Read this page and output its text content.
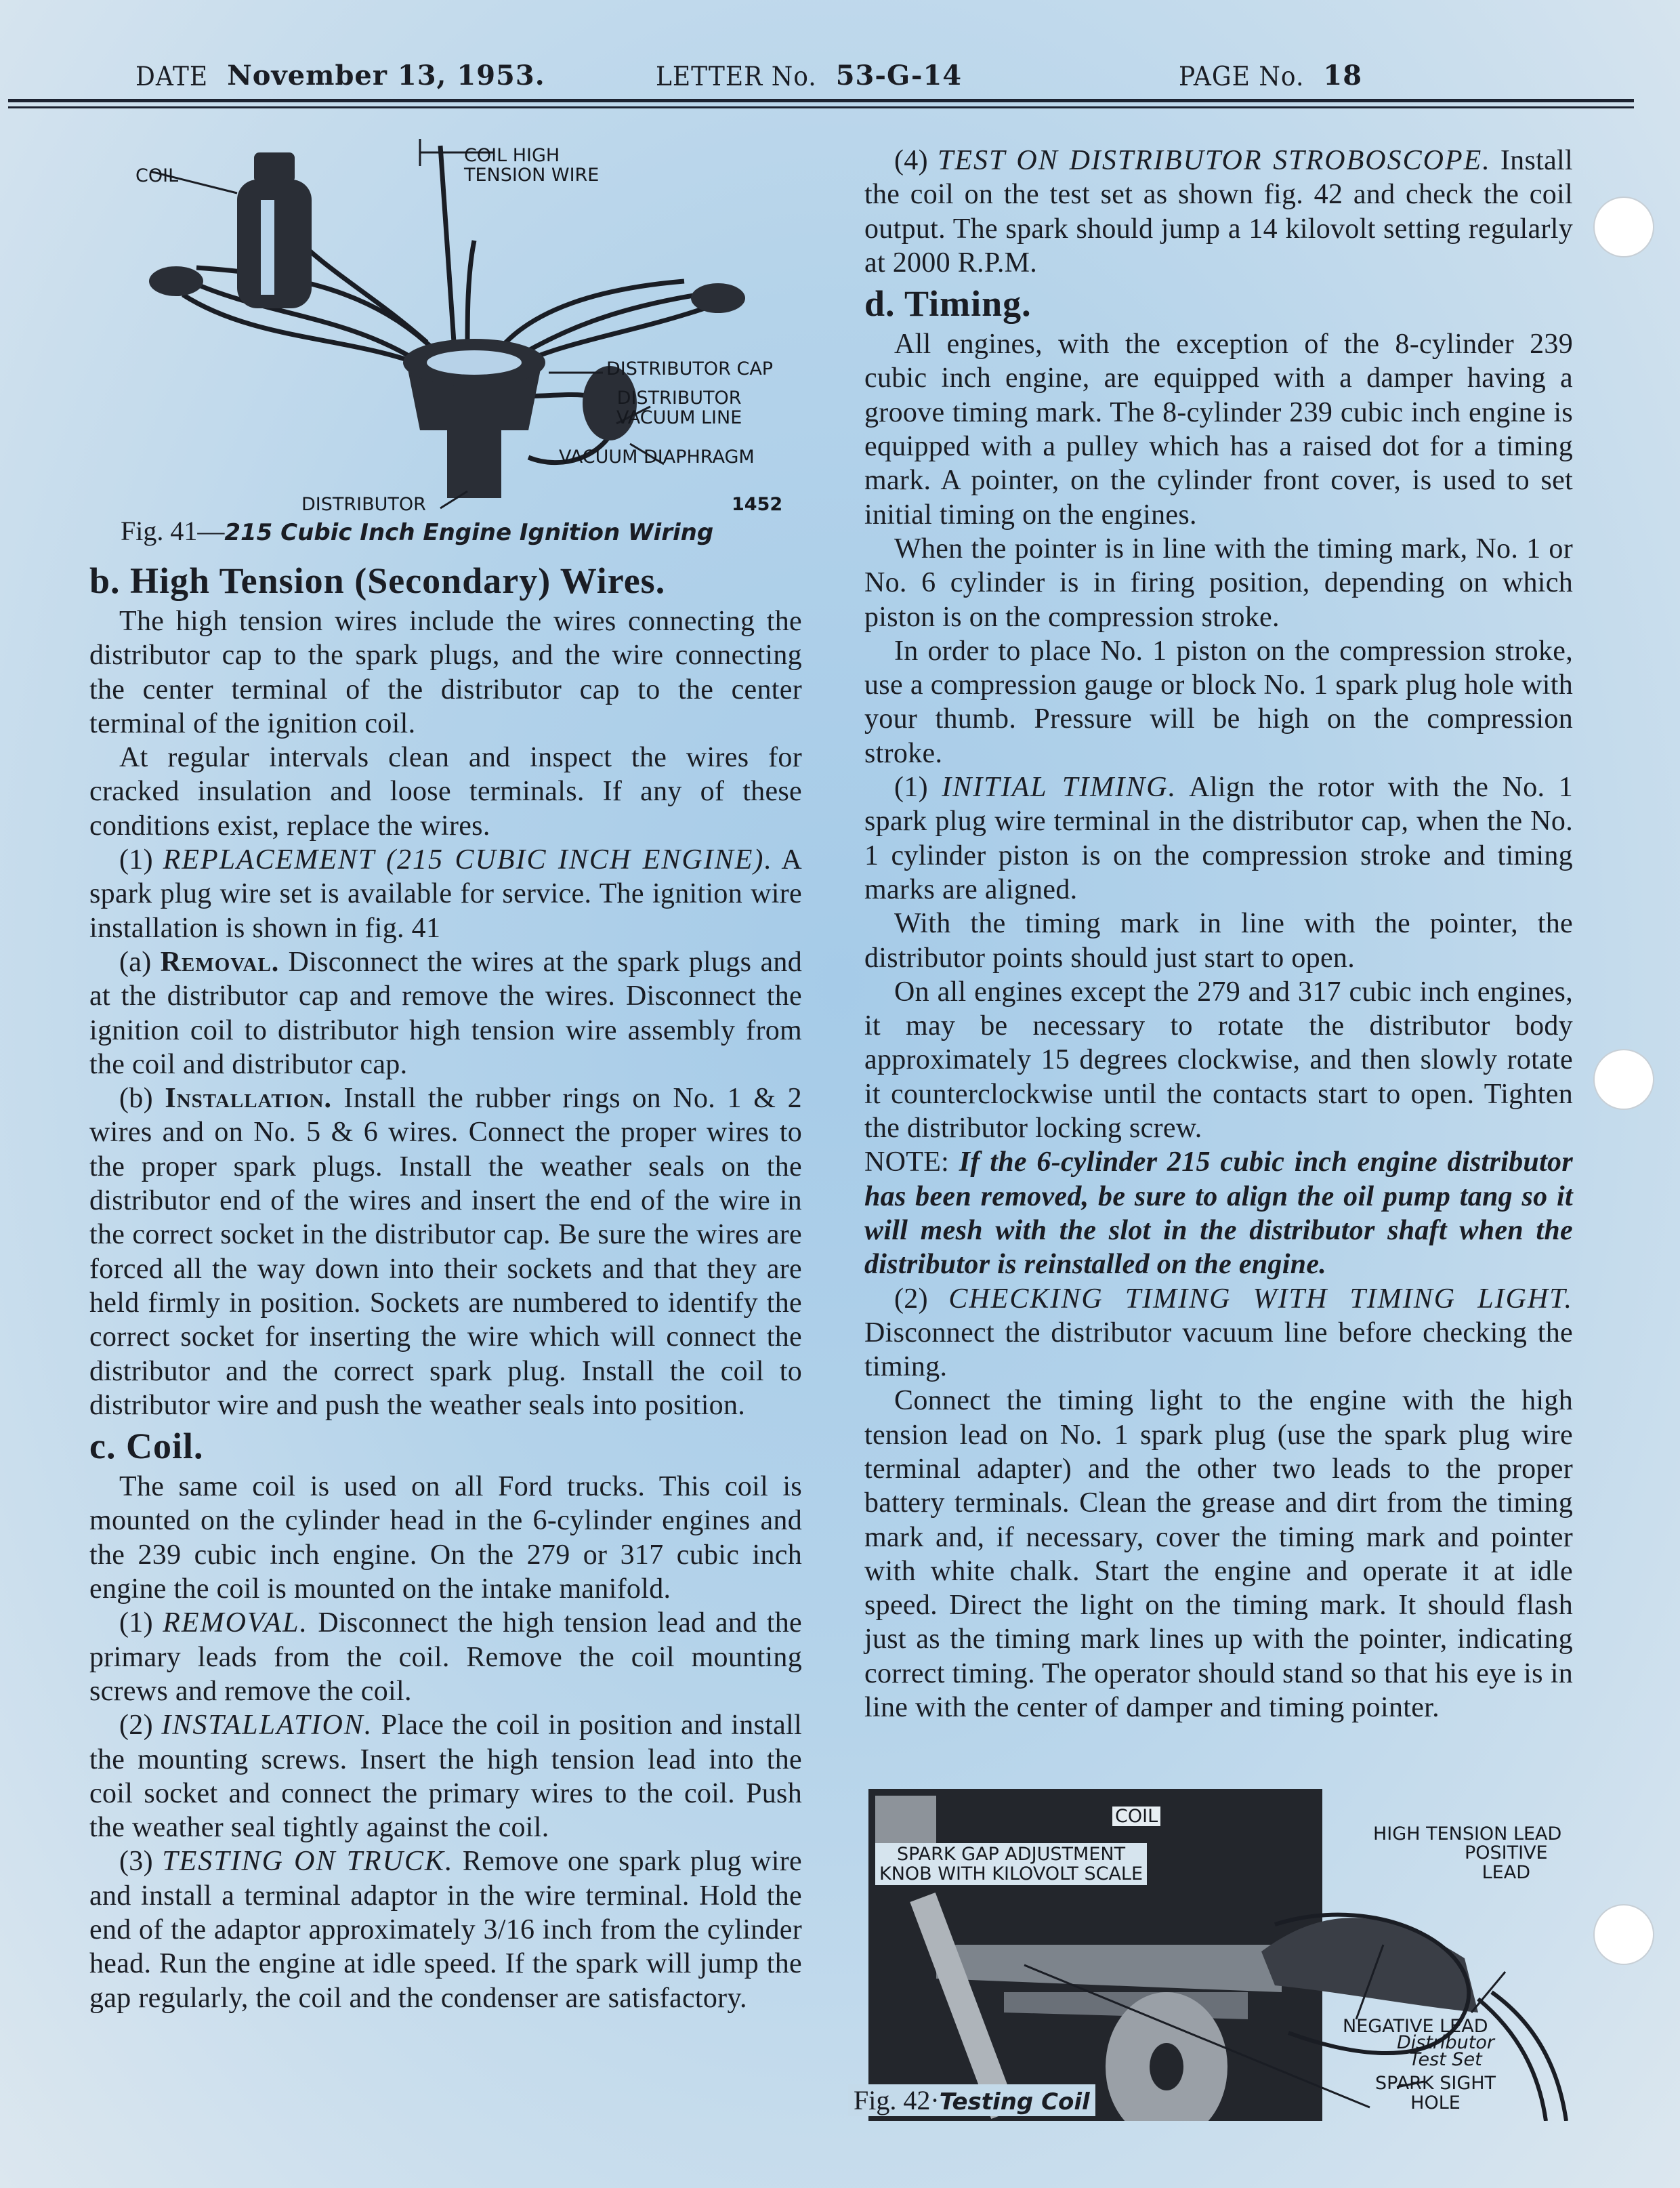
DATE November 13, 1953.	LETTER No. 53-G-14	PAGE No. 18
COIL
COIL HIGH
TENSION WIRE
DISTRIBUTOR CAP
DISTRIBUTOR
VACUUM LINE
VACUUM DIAPHRAGM
DISTRIBUTOR	1452
Fig. 41—215 Cubic Inch Engine Ignition Wiring
b. High Tension (Secondary) Wires.

The high tension wires include the wires connecting the distributor cap to the spark plugs, and the wire connecting the center terminal of the distributor cap to the center terminal of the ignition coil.

At regular intervals clean and inspect the wires for cracked insulation and loose terminals. If any of these conditions exist, replace the wires.

(1) REPLACEMENT (215 CUBIC INCH ENGINE). A spark plug wire set is available for service. The ignition wire installation is shown in fig. 41

(a) Removal. Disconnect the wires at the spark plugs and at the distributor cap and remove the wires. Disconnect the ignition coil to distributor high tension wire assembly from the coil and distributor cap.

(b) Installation. Install the rubber rings on No. 1 & 2 wires and on No. 5 & 6 wires. Connect the proper wires to the proper spark plugs. Install the weather seals on the distributor end of the wires and insert the end of the wire in the correct socket in the distributor cap. Be sure the wires are forced all the way down into their sockets and that they are held firmly in position. Sockets are numbered to identify the correct socket for inserting the wire which will connect the distributor and the correct spark plug. Install the coil to distributor wire and push the weather seals into position.

c. Coil.

The same coil is used on all Ford trucks. This coil is mounted on the cylinder head in the 6-cylinder engines and the 239 cubic inch engine. On the 279 or 317 cubic inch engine the coil is mounted on the intake manifold.

(1) REMOVAL. Disconnect the high tension lead and the primary leads from the coil. Remove the coil mounting screws and remove the coil.

(2) INSTALLATION. Place the coil in position and install the mounting screws. Insert the high tension lead into the coil socket and connect the primary wires to the coil. Push the weather seal tightly against the coil.

(3) TESTING ON TRUCK. Remove one spark plug wire and install a terminal adaptor in the wire terminal. Hold the end of the adaptor approximately 3/16 inch from the cylinder head. Run the engine at idle speed. If the spark will jump the gap regularly, the coil and the condenser are satisfactory.

(4) TEST ON DISTRIBUTOR STROBOSCOPE. Install the coil on the test set as shown fig. 42 and check the coil output. The spark should jump a 14 kilovolt setting regularly at 2000 R.P.M.

d. Timing.

All engines, with the exception of the 8-cylinder 239 cubic inch engine, are equipped with a damper having a groove timing mark. The 8-cylinder 239 cubic inch engine is equipped with a pulley which has a raised dot for a timing mark. A pointer, on the cylinder front cover, is used to set initial timing on the engines.

When the pointer is in line with the timing mark, No. 1 or No. 6 cylinder is in firing position, depending on which piston is on the compression stroke.

In order to place No. 1 piston on the compression stroke, use a compression gauge or block No. 1 spark plug hole with your thumb. Pressure will be high on the compression stroke.

(1) INITIAL TIMING. Align the rotor with the No. 1 spark plug wire terminal in the distributor cap, when the No. 1 cylinder piston is on the compression stroke and timing marks are aligned.

With the timing mark in line with the pointer, the distributor points should just start to open.

On all engines except the 279 and 317 cubic inch engines, it may be necessary to rotate the distributor body approximately 15 degrees clockwise, and then slowly rotate it counterclockwise until the contacts start to open. Tighten the distributor locking screw.

NOTE: If the 6-cylinder 215 cubic inch engine distributor has been removed, be sure to align the oil pump tang so it will mesh with the slot in the distributor shaft when the distributor is reinstalled on the engine.

(2) CHECKING TIMING WITH TIMING LIGHT. Disconnect the distributor vacuum line before checking the timing.

Connect the timing light to the engine with the high tension lead on No. 1 spark plug (use the spark plug wire terminal adapter) and the other two leads to the proper battery terminals. Clean the grease and dirt from the timing mark and, if necessary, cover the timing mark and pointer with white chalk. Start the engine and operate it at idle speed. Direct the light on the timing mark. It should flash just as the timing mark lines up with the pointer, indicating correct timing. The operator should stand so that his eye is in line with the center of damper and timing pointer.

COIL
SPARK GAP ADJUSTMENT
KNOB WITH KILOVOLT SCALE
HIGH TENSION LEAD
POSITIVE
LEAD
NEGATIVE LEAD
Distributor
Test Set
SPARK SIGHT
HOLE
Fig. 42·Testing Coil
